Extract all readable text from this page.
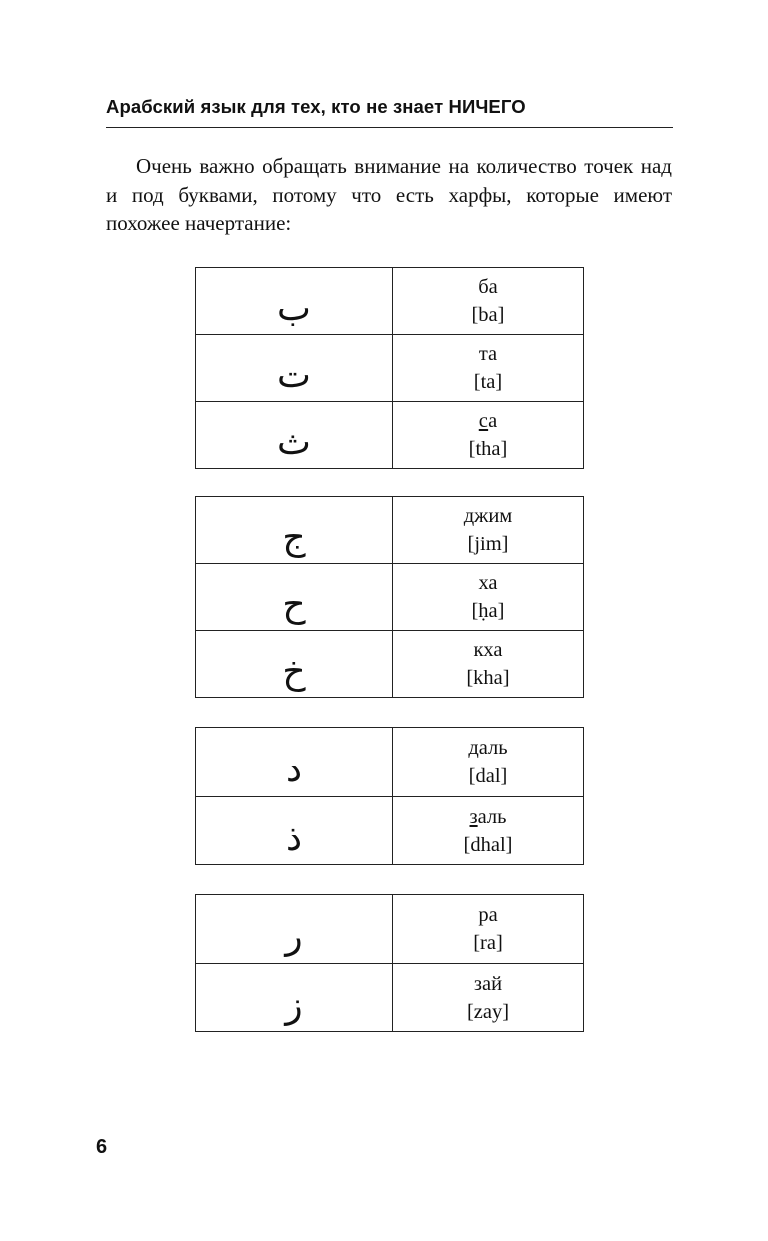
Арабский язык для тех, кто не знает НИЧЕГО

Очень важно обращать внимание на количество точек над и под буквами, потому что есть харфы, которые имеют похожее начертание:

ب	ба
[ba]
ت	та
[ta]
ث	са
[tha]
ج	джим
[jim]
ح	ха
[ḥa]
خ	кха
[kha]
د	даль
[dal]
ذ	заль
[dhal]
ر	ра
[ra]
ز	зай
[zay]
6
